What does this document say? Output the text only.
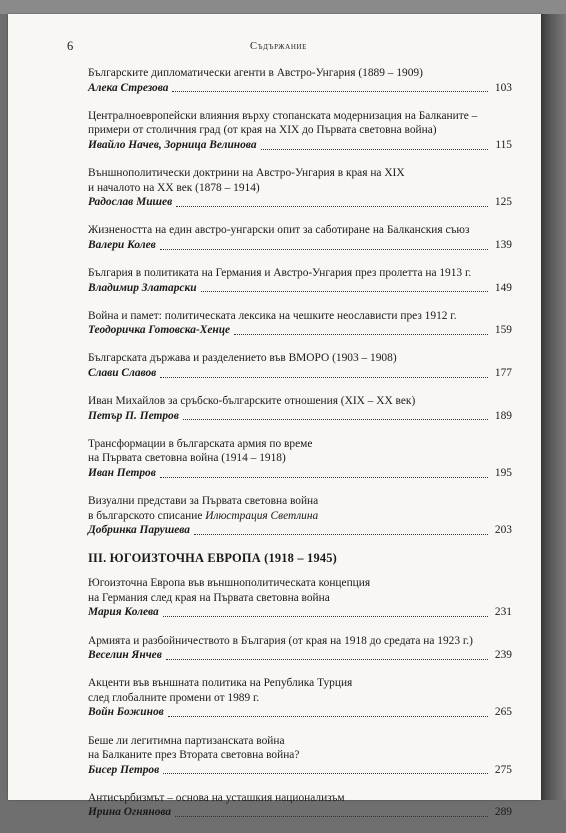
6	Съдържание
Българските дипломатически агенти в Австро-Унгария (1889 – 1909)
Алека Стрезова	103
Централноевропейски влияния върху стопанската модернизация на Балканите –
примери от столичния град (от края на XIX до Първата световна война)
Ивайло Начев, Зорница Велинова	115
Външнополитически доктрини на Австро-Унгария в края на XIX
и началото на XX век (1878 – 1914)
Радослав Мишев	125
Жизнеността на един австро-унгарски опит за саботиране на Балканския съюз
Валери Колев	139
България в политиката на Германия и Австро-Унгария през пролетта на 1913 г.
Владимир Златарски	149
Война и памет: политическата лексика на чешките неослависти през 1912 г.
Теодоричка Готовска-Хенце	159
Българската държава и разделението във ВМОРО (1903 – 1908)
Слави Славов	177
Иван Михайлов за сръбско-българските отношения (XIX – XX век)
Петър П. Петров	189
Трансформации в българската армия по време
на Първата световна война (1914 – 1918)
Иван Петров	195
Визуални представи за Първата световна война
в българското списание Илюстрация Светлина
Добринка Парушева	203
III. ЮГОИЗТОЧНА ЕВРОПА (1918 – 1945)
Югоизточна Европа във външнополитическата концепция
на Германия след края на Първата световна война
Мария Колева	231
Армията и разбойничеството в България (от края на 1918 до средата на 1923 г.)
Веселин Янчев	239
Акценти във външната политика на Република Турция
след глобалните промени от 1989 г.
Войн Божинов	265
Беше ли легитимна партизанската война
на Балканите през Втората световна война?
Бисер Петров	275
Антисърбизмът – основа на усташкия национализъм
Ирина Огнянова	289
